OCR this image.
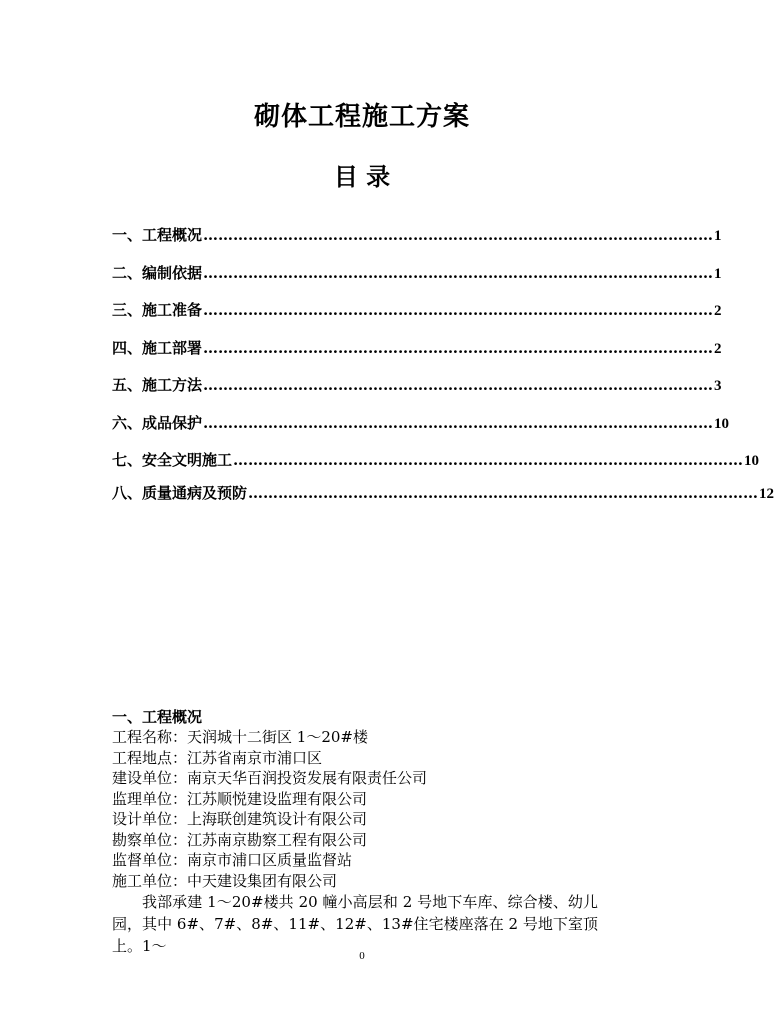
砌体工程施工方案
目 录
一、工程概况 ………………………………………………………………………………………… 1
二、编制依据 ………………………………………………………………………………………… 1
三、施工准备 ………………………………………………………………………………………… 2
四、施工部署 ………………………………………………………………………………………… 2
五、施工方法 ………………………………………………………………………………………… 3
六、成品保护 ………………………………………………………………………………………… 10
七、安全文明施工 ………………………………………………………………………………………… 10
八、质量通病及预防 ………………………………………………………………………………………… 12
一、工程概况
工程名称：天润城十二街区 1～20#楼
工程地点：江苏省南京市浦口区
建设单位：南京天华百润投资发展有限责任公司
监理单位：江苏顺悦建设监理有限公司
设计单位：上海联创建筑设计有限公司
勘察单位：江苏南京勘察工程有限公司
监督单位：南京市浦口区质量监督站
施工单位：中天建设集团有限公司
我部承建 1～20#楼共 20 幢小高层和 2 号地下车库、综合楼、幼儿园，其中 6#、7#、8#、11#、12#、13#住宅楼座落在 2 号地下室顶上。1～
0
